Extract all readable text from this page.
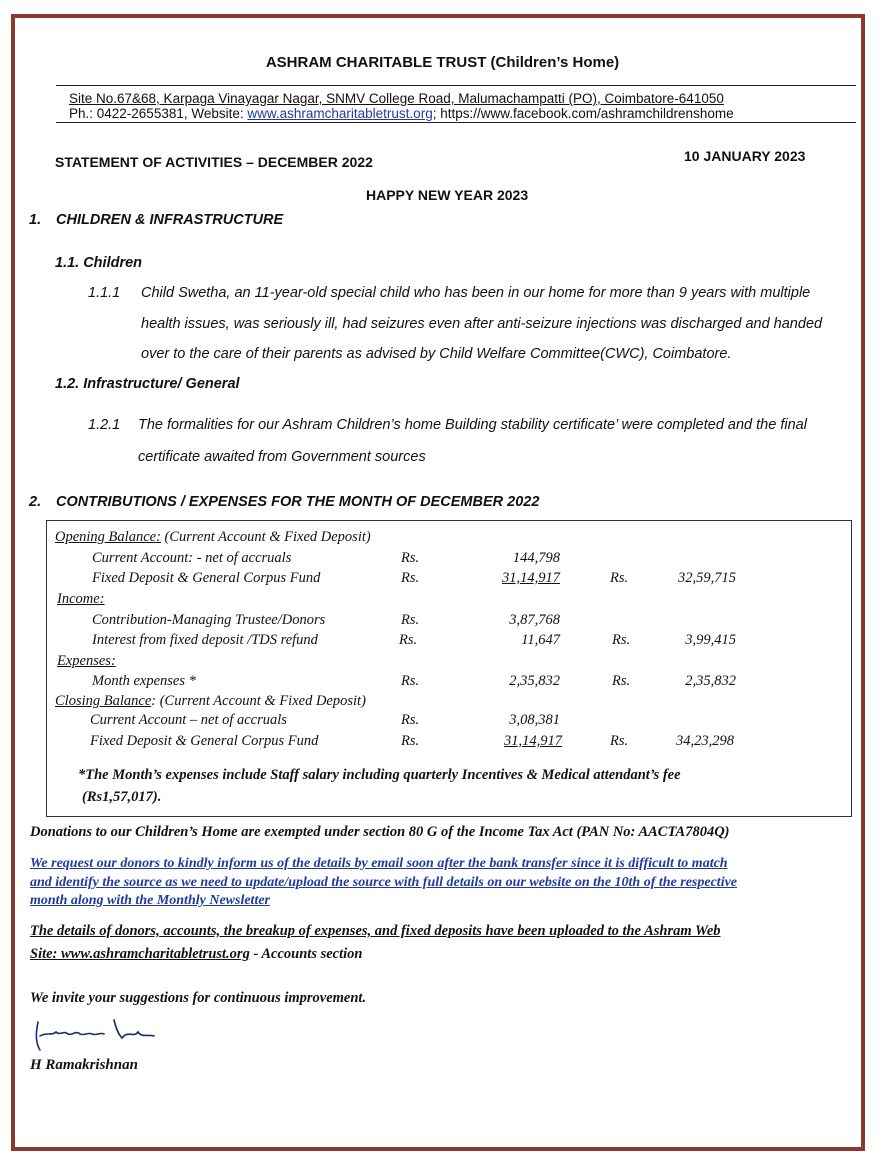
ASHRAM CHARITABLE TRUST (Children’s Home)
Site No.67&68, Karpaga Vinayagar Nagar, SNMV College Road, Malumachampatti (PO), Coimbatore-641050
Ph.: 0422-2655381, Website: www.ashramcharitabletrust.org; https://www.facebook.com/ashramchildrenshome
STATEMENT OF ACTIVITIES – DECEMBER 2022	10 JANUARY 2023
HAPPY NEW YEAR 2023
1. CHILDREN & INFRASTRUCTURE
1.1. Children
1.1.1 Child Swetha, an 11-year-old special child who has been in our home for more than 9 years with multiple
health issues, was seriously ill, had seizures even after anti-seizure injections was discharged and handed
over to the care of their parents as advised by Child Welfare Committee(CWC), Coimbatore.
1.2. Infrastructure/ General
1.2.1 The formalities for our Ashram Children’s home Building stability certificate’ were completed and the final
certificate awaited from Government sources
2. CONTRIBUTIONS / EXPENSES FOR THE MONTH OF DECEMBER 2022
Opening Balance: (Current Account & Fixed Deposit)
Current Account: - net of accruals	Rs.	144,798
Fixed Deposit & General Corpus Fund	Rs.	31,14,917	Rs.	32,59,715
Income:
Contribution-Managing Trustee/Donors	Rs.	3,87,768
Interest from fixed deposit /TDS refund	Rs.	11,647	Rs.	3,99,415
Expenses:
Month expenses *	Rs.	2,35,832	Rs.	2,35,832
Closing Balance: (Current Account & Fixed Deposit)
Current Account – net of accruals	Rs.	3,08,381
Fixed Deposit & General Corpus Fund	Rs.	31,14,917	Rs.	34,23,298
*The Month’s expenses include Staff salary including quarterly Incentives & Medical attendant’s fee
(Rs1,57,017).
Donations to our Children’s Home are exempted under section 80 G of the Income Tax Act (PAN No: AACTA7804Q)
We request our donors to kindly inform us of the details by email soon after the bank transfer since it is difficult to match
and identify the source as we need to update/upload the source with full details on our website on the 10th of the respective
month along with the Monthly Newsletter
The details of donors, accounts, the breakup of expenses, and fixed deposits have been uploaded to the Ashram Web
Site: www.ashramcharitabletrust.org - Accounts section
We invite your suggestions for continuous improvement.
H Ramakrishnan
